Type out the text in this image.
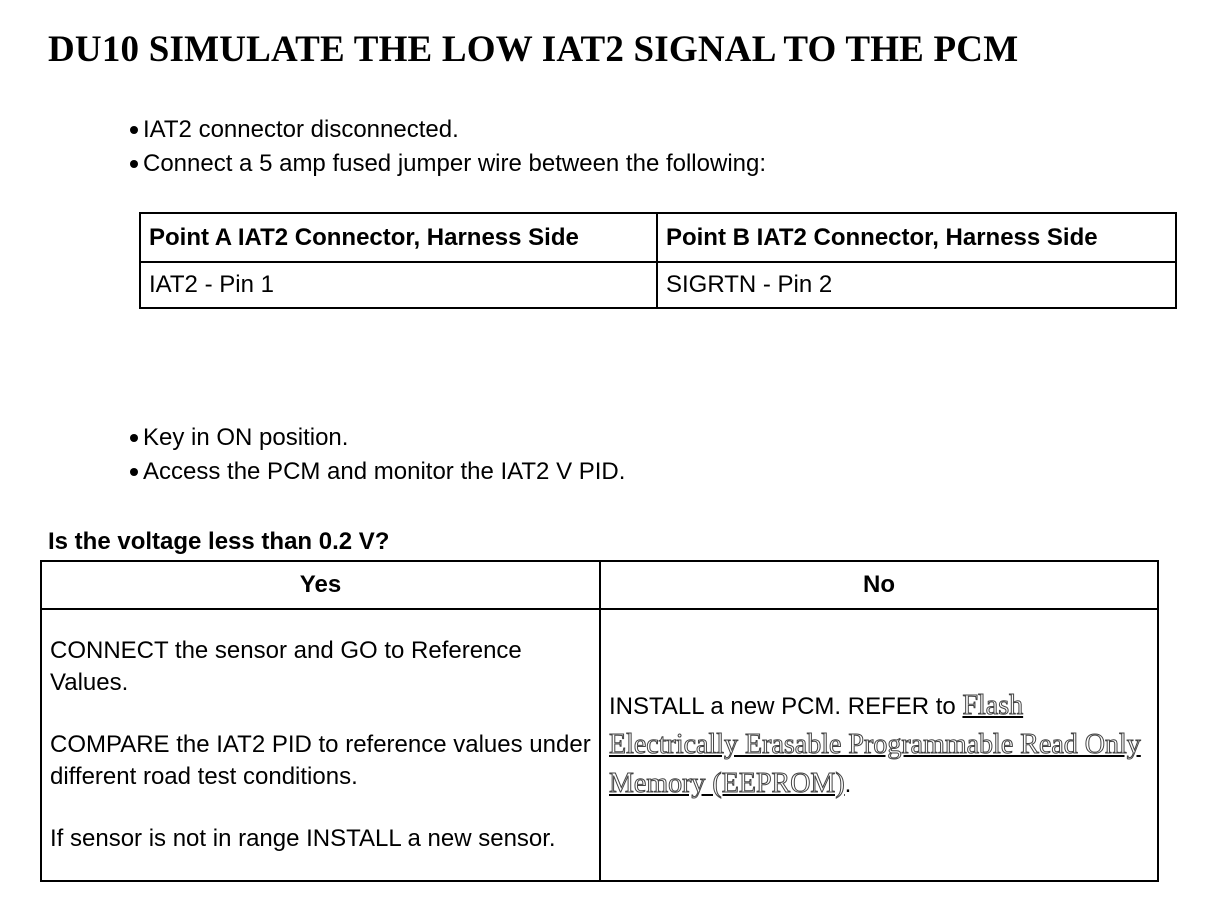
DU10 SIMULATE THE LOW IAT2 SIGNAL TO THE PCM
IAT2 connector disconnected.
Connect a 5 amp fused jumper wire between the following:
Point A IAT2 Connector, Harness Side	Point B IAT2 Connector, Harness Side
IAT2 - Pin 1	SIGRTN - Pin 2
Key in ON position.
Access the PCM and monitor the IAT2 V PID.
Is the voltage less than 0.2 V?
Yes	No

CONNECT the sensor and GO to Reference Values.

COMPARE the IAT2 PID to reference values under different road test conditions.

If sensor is not in range INSTALL a new sensor.	INSTALL a new PCM. REFER to Flash Electrically Erasable Programmable Read Only Memory (EEPROM).
